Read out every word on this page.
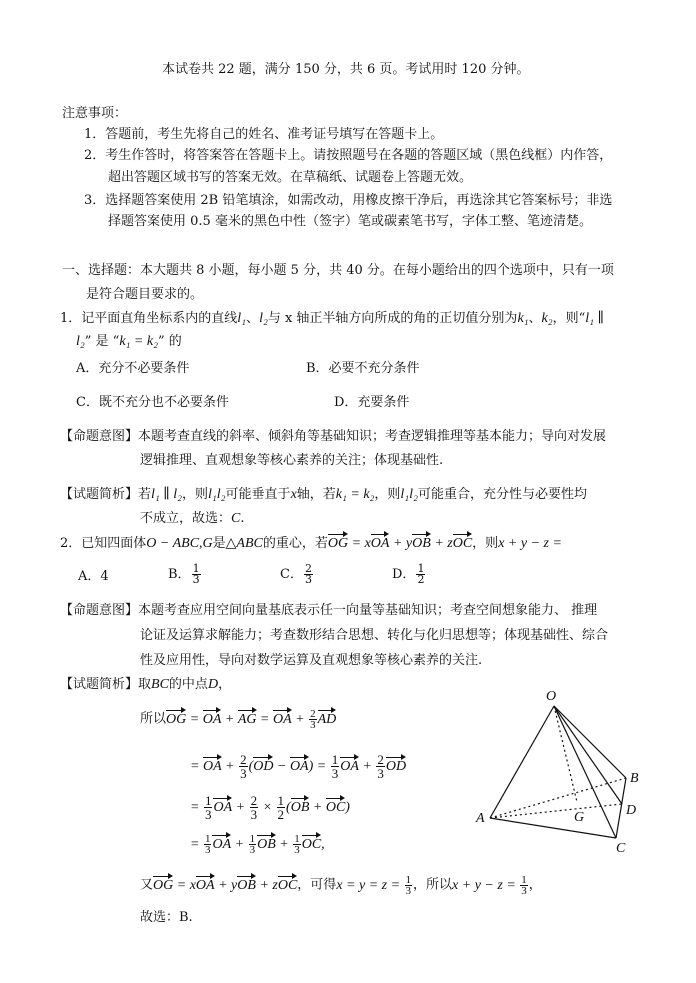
本试卷共 22 题，满分 150 分，共 6 页。考试用时 120 分钟。
注意事项：
1．答题前，考生先将自己的姓名、准考证号填写在答题卡上。
2．考生作答时，将答案答在答题卡上。请按照题号在各题的答题区域（黑色线框）内作答，
超出答题区域书写的答案无效。在草稿纸、试题卷上答题无效。
3．选择题答案使用 2B 铅笔填涂，如需改动，用橡皮擦干净后，再选涂其它答案标号；非选
择题答案使用 0.5 毫米的黑色中性（签字）笔或碳素笔书写，字体工整、笔迹清楚。
一、选择题：本大题共 8 小题，每小题 5 分，共 40 分。在每小题给出的四个选项中，只有一项
是符合题目要求的。
1．记平面直角坐标系内的直线l₁、l₂与 x 轴正半轴方向所成的角的正切值分别为k₁、k₂，则“l₁ ∥
l₂” 是 “k₁ = k₂” 的
A．充分不必要条件	B．必要不充分条件
C．既不充分也不必要条件	D．充要条件
【命题意图】本题考查直线的斜率、倾斜角等基础知识；考查逻辑推理等基本能力；导向对发展
逻辑推理、直观想象等核心素养的关注；体现基础性.
【试题简析】若l₁ ∥ l₂，则l₁l₂可能垂直于x轴，若k₁ = k₂，则l₁l₂可能重合，充分性与必要性均
不成立，故选：C.
2．已知四面体O − ABC,G是△ABC的重心，若OG = xOA + yOB + zOC，则x + y − z =
A．4	B． $\frac{1}{3}$	C． $\frac{2}{3}$	D． $\frac{1}{2}$
【命题意图】本题考查应用空间向量基底表示任一向量等基础知识；考查空间想象能力、 推理
论证及运算求解能力；考查数形结合思想、转化与化归思想等；体现基础性、综合
性及应用性，导向对数学运算及直观想象等核心素养的关注.
【试题简析】取BC的中点D，
所以OG = OA + AG = OA + $\frac{2}{3}$ AD
= OA + $\frac{2}{3} (OD - OA) = \frac{1}{3}$ OA + $\frac{2}{3}$ OD
= $\frac{1}{3}$ OA + $\frac{2}{3} \times \frac{1}{2} (OB + OC)$
= $\frac{1}{3}$ OA + $\frac{1}{3}$ OB + $\frac{1}{3}$ OC,
又OG = xOA + yOB + zOC，可得$x = y = z = \frac{1}{3}$ ，所以$x + y - z = \frac{1}{3}$ ，
故选：B.
O
A
B
C
D
G
